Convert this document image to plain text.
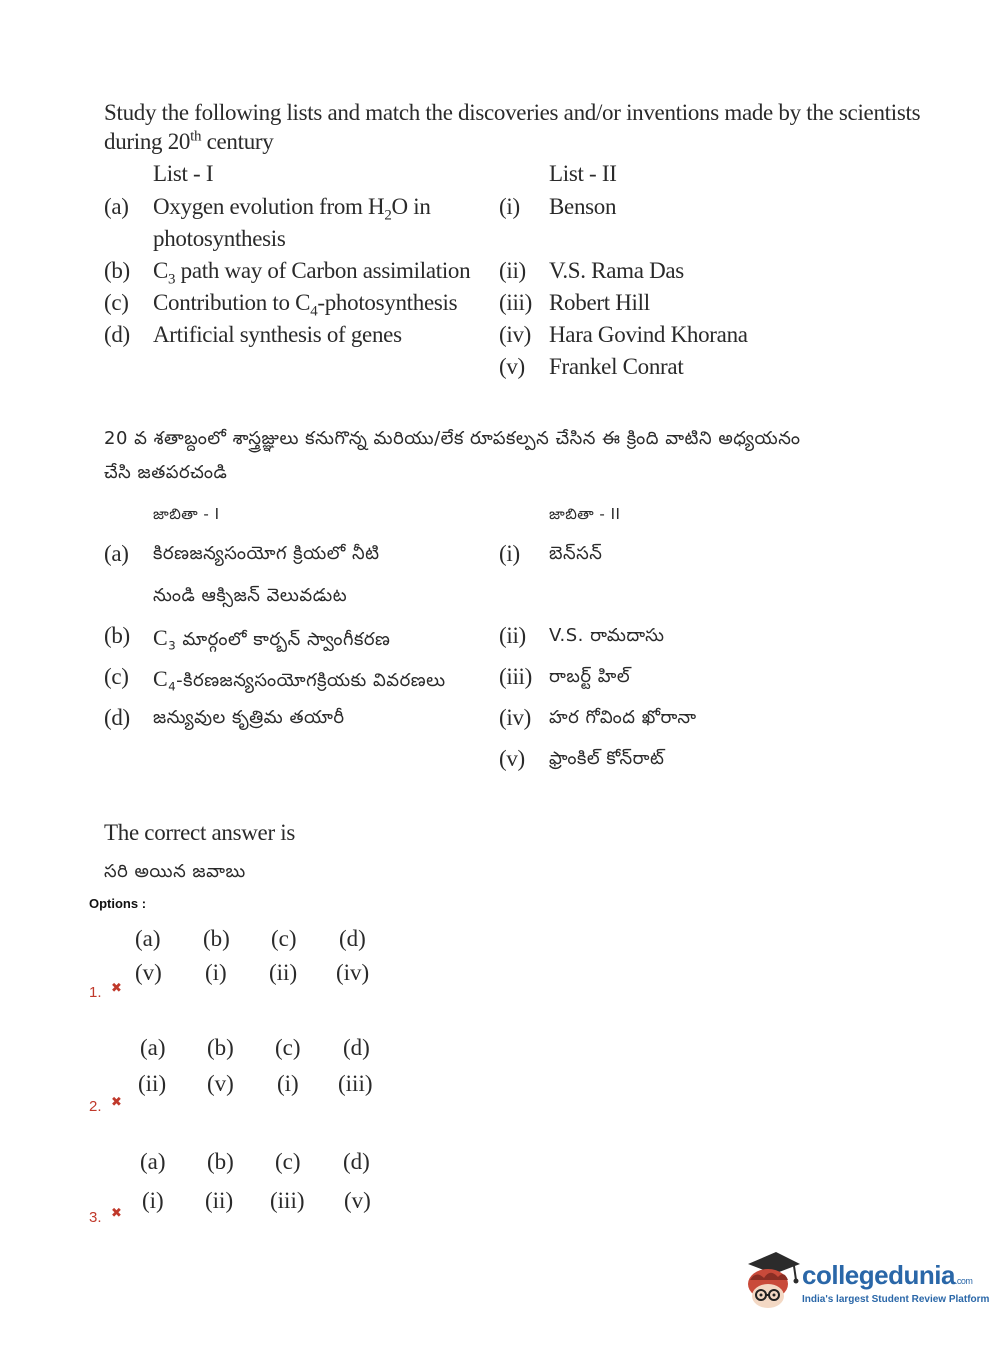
Study the following lists and match the discoveries and/or inventions made by the scientists
during 20th century
List - I	List - II
(a) Oxygen evolution from $H_2O$ in
photosynthesis
(i) Benson
(b) $C_3$ path way of Carbon assimilation (ii) V.S. Rama Das
(c) Contribution to $C_4$-photosynthesis (iii) Robert Hill
(d) Artificial synthesis of genes	(iv) Hara Govind Khorana
(v) Frankel Conrat
20 వ శతాబ్దంలో శాస్త్రజ్ఞులు కనుగొన్న మరియు/లేక రూపకల్పన చేసిన ఈ క్రింది వాటిని అధ్యయనం
చేసి జతపరచండి
జాబితా - I	జాబితా - II
(a) కిరణజన్యసంయోగ క్రియలో నీటి
నుండి ఆక్సిజన్ వెలువడుట
(i) బెన్‌సన్
(b) $C_3$ మార్గంలో కార్బన్ స్వాంగీకరణ	(ii) V.S. రామదాసు
(c) $C_4-కిరణజన్యసంయోగక్రియకు$ వివరణలు (iii) రాబర్ట్ హిల్
(d) జన్యువుల కృత్రిమ తయారీ	(iv) హర గోవింద ఖోరానా
(v) ఫ్రాంకిల్ కోన్‌రాట్
The correct answer is
సరి అయిన జవాబు
Options :
(a) (b) (c) (d)
(v) (i) (ii) (iv)
1. ✖
(a) (b) (c) (d)
(ii) (v) (i) (iii)
2. ✖
(a) (b) (c) (d)
(i) (ii) (iii) (v)
3. ✖
collegedunia.com
India's largest Student Review Platform
